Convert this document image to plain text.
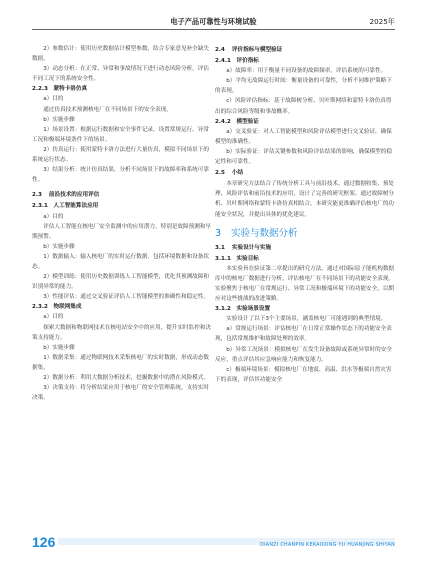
电子产品可靠性与环境试验	2025年

2）参数估计：使用历史数据估计模型参数，结合专家意见补全缺失数据。

3）动态分析：在正常、异常和事故情况下进行动态风险分析，评估不同工况下的系统安全性。

2.2.3　蒙特卡洛仿真

a）目的

通过仿真技术预测核电厂在不同场景下的安全表现。

b）实施步骤

1）场景设置：根据运行数据和安全事件记录，设置常规运行、异常工况和极端环境条件下的场景。

2）仿真运行：使用蒙特卡洛方法进行大量仿真，模拟不同场景下的系统运行状态。

3）结果分析：统计仿真结果，分析不同场景下的故障率和系统可靠性。

2.3 前沿技术的应用评估
2.3.1　人工智能算法应用

a）目的

评估人工智能在核电厂安全监测中的应用潜力，特别是故障预测和早期预警。

b）实施步骤

1）数据输入：输入核电厂的实时运行数据，包括环境数据和设备状态。

2）模型训练：使用历史数据训练人工智能模型，优化其预测故障和识别异常的能力。

3）性能评估：通过交叉验证评估人工智能模型的准确性和稳定性。

2.3.2　物联网集成

a）目的

探索大数据和物联网技术在核电站安全中的应用，提升实时监控和决策支持能力。

b）实施步骤

1）数据采集：通过物联网技术采集核电厂的实时数据，形成动态数据集。

2）数据分析：利用大数据分析技术，挖掘数据中的潜在风险模式。

3）决策支持：将分析结果应用于核电厂的安全管理系统，支持实时决策。

2.4 评价指标与模型验证
2.4.1　评价指标

a）故障率：用于衡量不同设备的故障频率，评估系统的可靠性。

b）平均无故障运行时间：衡量设备的可靠性，分析不同维护策略下的表现。

c）风险评估指标：基于故障树分析、贝叶斯网络和蒙特卡洛仿真得出的综合风险等级和事故概率。

2.4.2　模型验证

a）交叉验证：对人工智能模型和风险评估模型进行交叉验证，确保模型的准确性。

b）实际验证：评估关键参数和风险评估结果的影响，确保模型的稳定性和可靠性。

2.5 小结

本章研究方法结合了传统分析工具与前沿技术，通过数据收集、预处理、风险评估和前沿技术的应用，设计了完善的研究框架。通过故障树分析、贝叶斯网络和蒙特卡洛仿真相结合，本研究能更准确评估核电厂的功能安全状况，并提出具体的优化建议。

3 实验与数据分析
3.1 实验设计与实施
3.1.1　实验目标

本实验旨在验证第二章提出的研究方法，通过对国际原子能机构数据库中的核电厂数据进行分析，评估核电厂在不同场景下的功能安全表现。实验聚焦于核电厂在常规运行、异常工况和极端环境下的功能安全，以期应对这些挑战的改进策略。

3.1.2　实验场景设置

实验设计了以下3个主要场景，涵盖核电厂可能遇到的典型情境。

a）常规运行场景：评估核电厂在日常正常操作状态下的功能安全表现，包括常规维护和故障处理的效率。

b）异常工况场景：模拟核电厂在发生设备故障或系统异常时的安全反应，重点评估其应急响应能力和恢复能力。

c）极端环境场景：模拟核电厂在地震、高温、洪水等极端自然灾害下的表现，评估其功能安全

126	DIANZI CHANPIN KEKAOXING YU HUANJING SHIYAN
